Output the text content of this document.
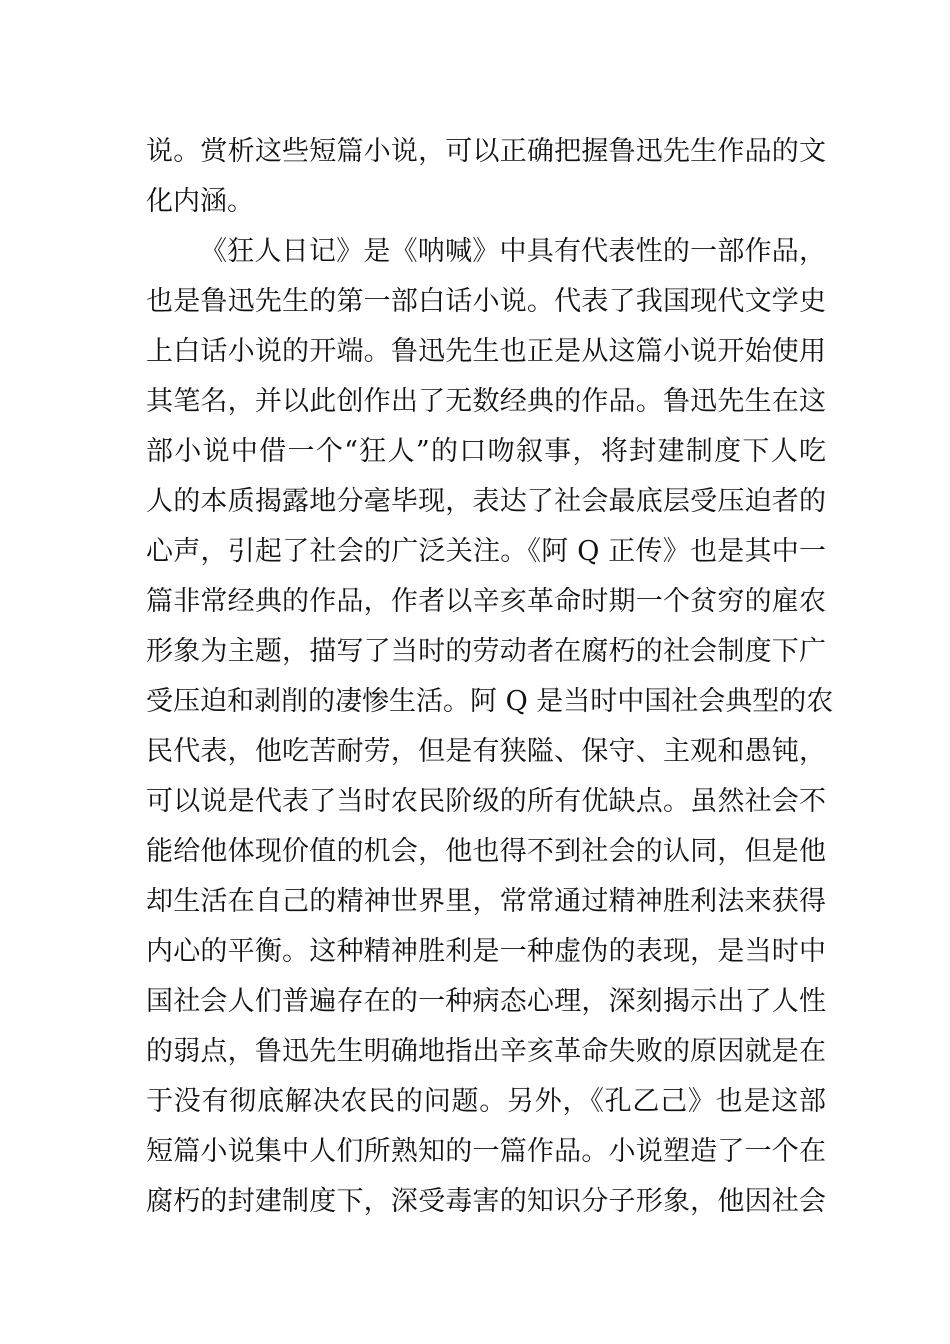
说。赏析这些短篇小说，可以正确把握鲁迅先生作品的文
化内涵。
《狂人日记》是《呐喊》中具有代表性的一部作品，
也是鲁迅先生的第一部白话小说。代表了我国现代文学史
上白话小说的开端。鲁迅先生也正是从这篇小说开始使用
其笔名，并以此创作出了无数经典的作品。鲁迅先生在这
部小说中借一个“狂人”的口吻叙事，将封建制度下人吃
人的本质揭露地分毫毕现，表达了社会最底层受压迫者的
心声，引起了社会的广泛关注。《阿 Q 正传》也是其中一
篇非常经典的作品，作者以辛亥革命时期一个贫穷的雇农
形象为主题，描写了当时的劳动者在腐朽的社会制度下广
受压迫和剥削的凄惨生活。阿 Q 是当时中国社会典型的农
民代表，他吃苦耐劳，但是有狭隘、保守、主观和愚钝，
可以说是代表了当时农民阶级的所有优缺点。虽然社会不
能给他体现价值的机会，他也得不到社会的认同，但是他
却生活在自己的精神世界里，常常通过精神胜利法来获得
内心的平衡。这种精神胜利是一种虚伪的表现，是当时中
国社会人们普遍存在的一种病态心理，深刻揭示出了人性
的弱点，鲁迅先生明确地指出辛亥革命失败的原因就是在
于没有彻底解决农民的问题。另外，《孔乙己》也是这部
短篇小说集中人们所熟知的一篇作品。小说塑造了一个在
腐朽的封建制度下，深受毒害的知识分子形象，他因社会
